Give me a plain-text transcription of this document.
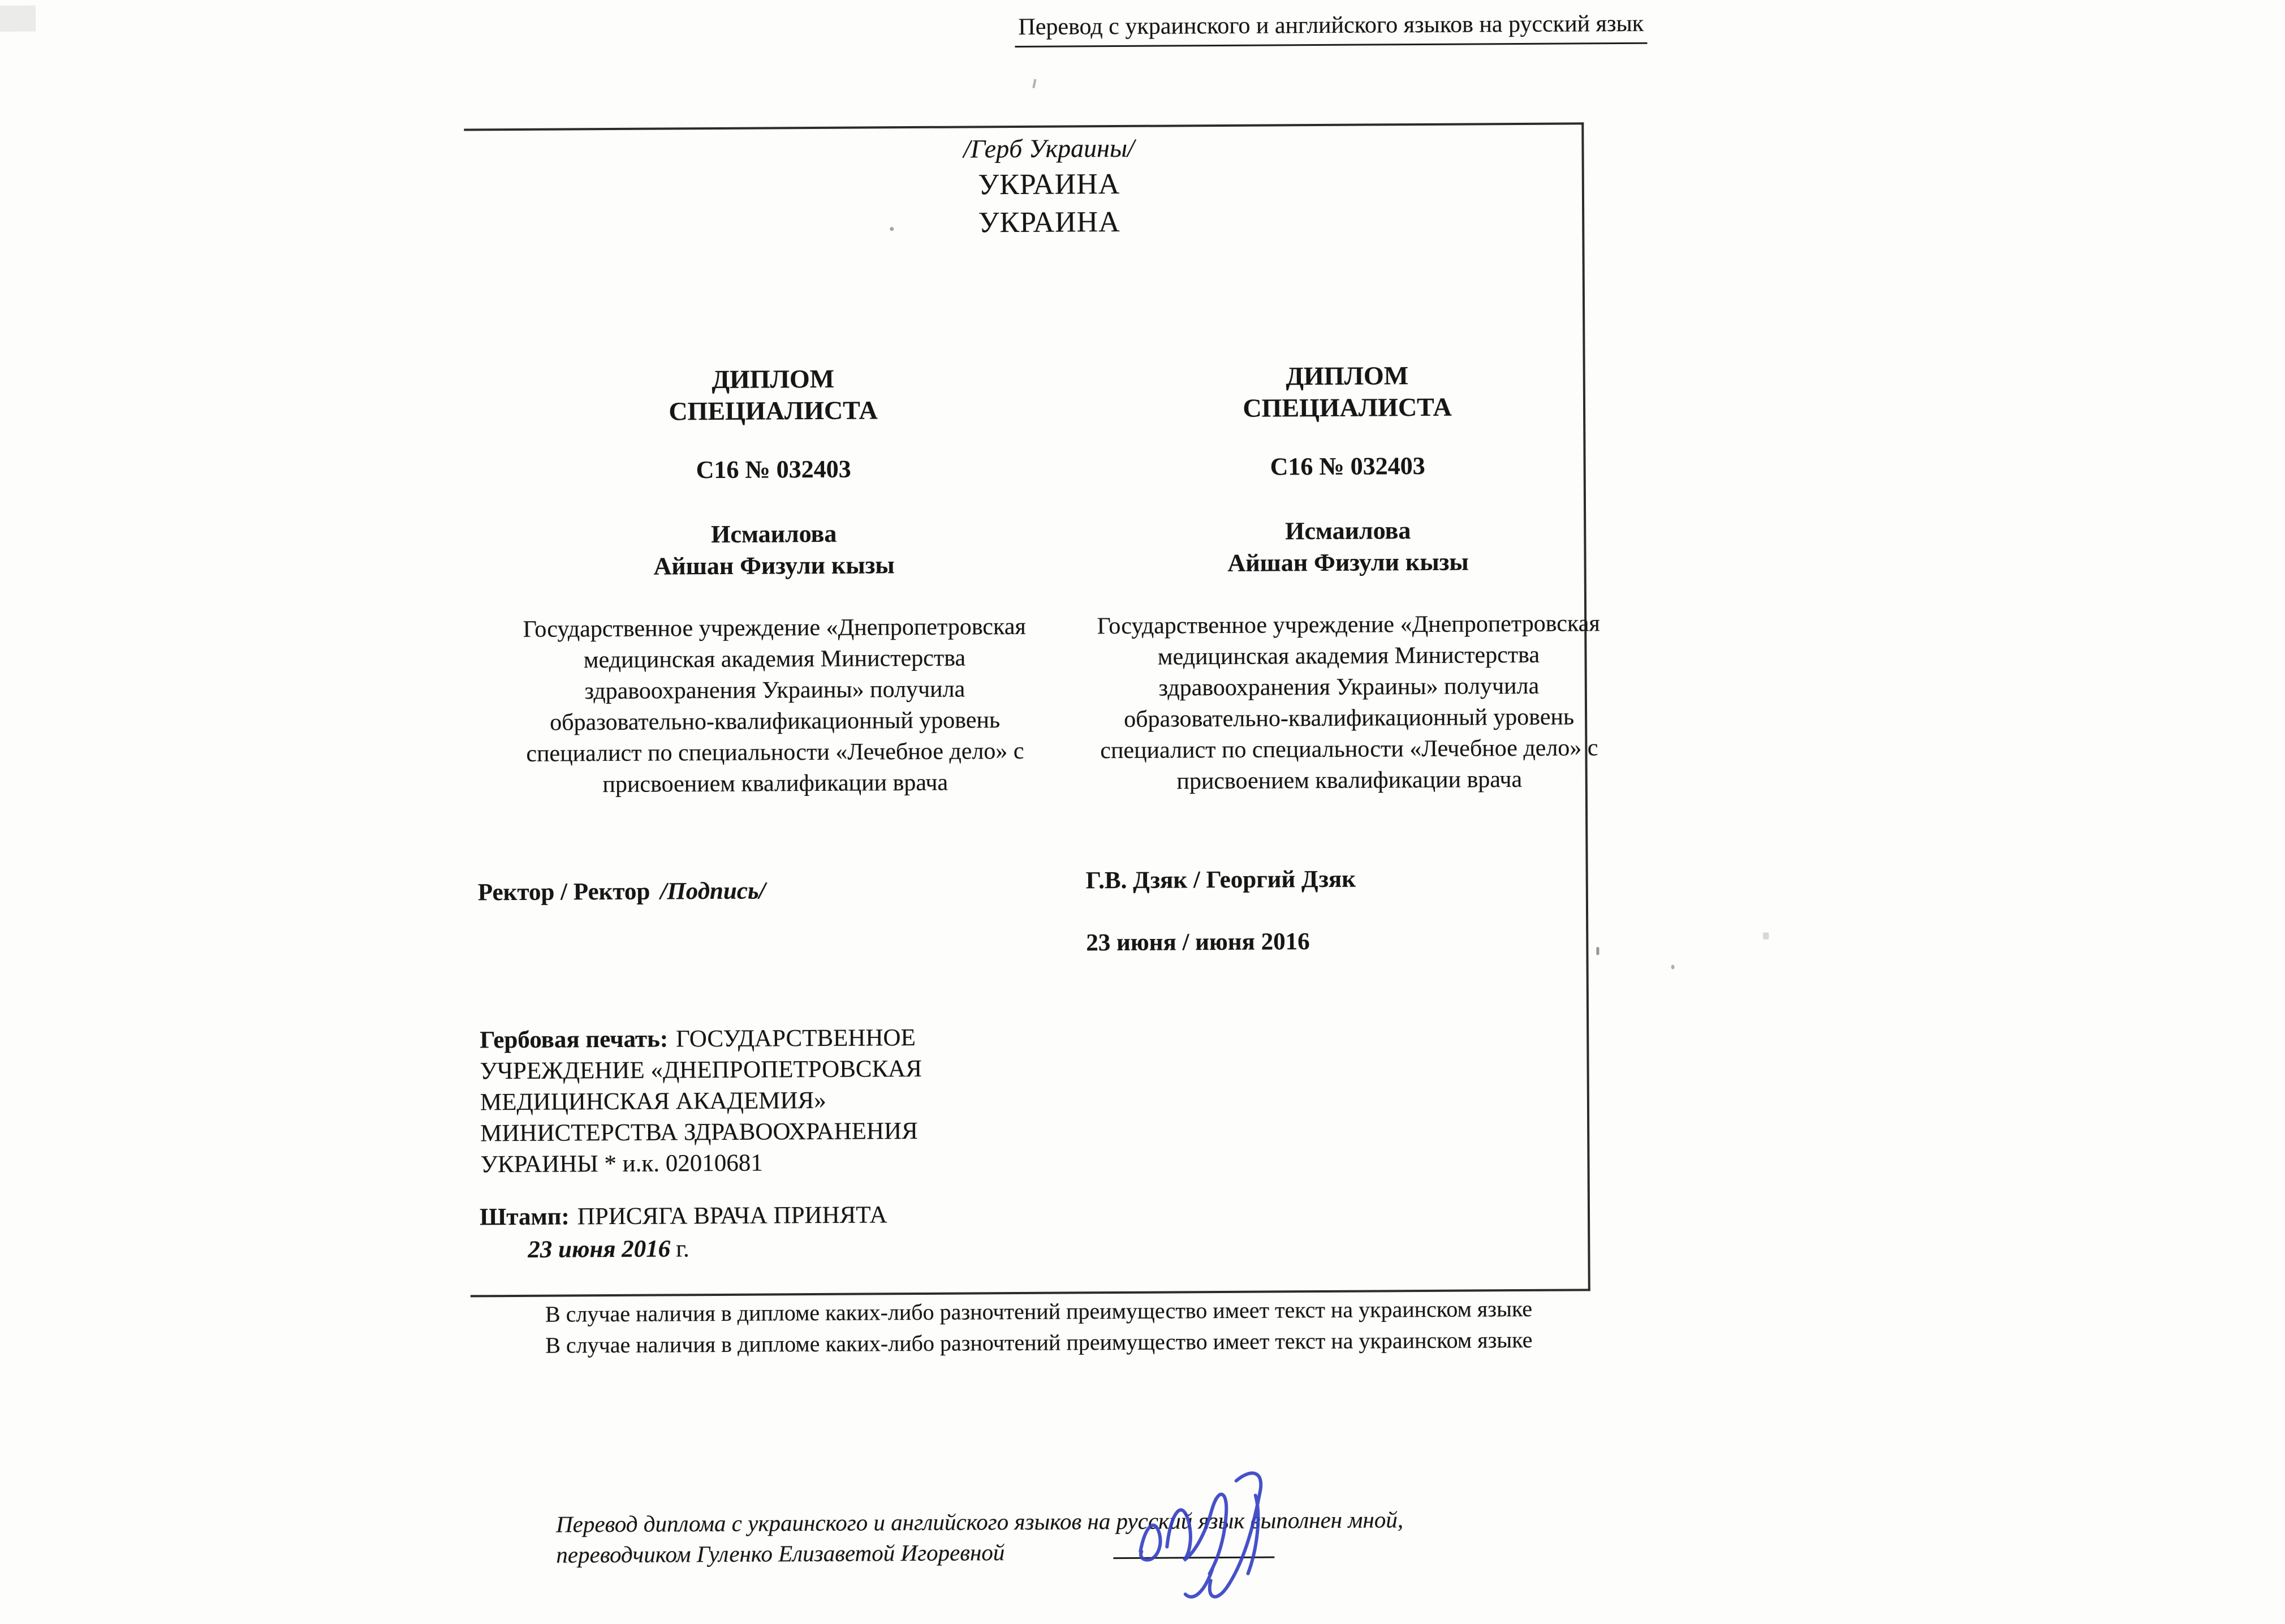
Перевод с украинского и английского языков на русский язык
/Герб Украины/
УКРАИНА
УКРАИНА
ДИПЛОМ
СПЕЦИАЛИСТА
С16 № 032403
Исмаилова
Айшан Физули кызы
Государственное учреждение «Днепропетровская медицинская академия Министерства здравоохранения Украины» получила образовательно-квалификационный уровень специалист по специальности «Лечебное дело» с присвоением квалификации врача
ДИПЛОМ
СПЕЦИАЛИСТА
С16 № 032403
Исмаилова
Айшан Физули кызы
Государственное учреждение «Днепропетровская медицинская академия Министерства здравоохранения Украины» получила образовательно-квалификационный уровень специалист по специальности «Лечебное дело» с присвоением квалификации врача
Ректор / Ректор /Подпись/	Г.В. Дзяк / Георгий Дзяк
23 июня / июня 2016
Гербовая печать: ГОСУДАРСТВЕННОЕ
УЧРЕЖДЕНИЕ «ДНЕПРОПЕТРОВСКАЯ
МЕДИЦИНСКАЯ АКАДЕМИЯ»
МИНИСТЕРСТВА ЗДРАВООХРАНЕНИЯ
УКРАИНЫ * и.к. 02010681
Штамп: ПРИСЯГА ВРАЧА ПРИНЯТА
23 июня 2016 г.
В случае наличия в дипломе каких-либо разночтений преимущество имеет текст на украинском языке
В случае наличия в дипломе каких-либо разночтений преимущество имеет текст на украинском языке
Перевод диплома с украинского и английского языков на русский язык выполнен мной,
переводчиком Гуленко Елизаветой Игоревной
